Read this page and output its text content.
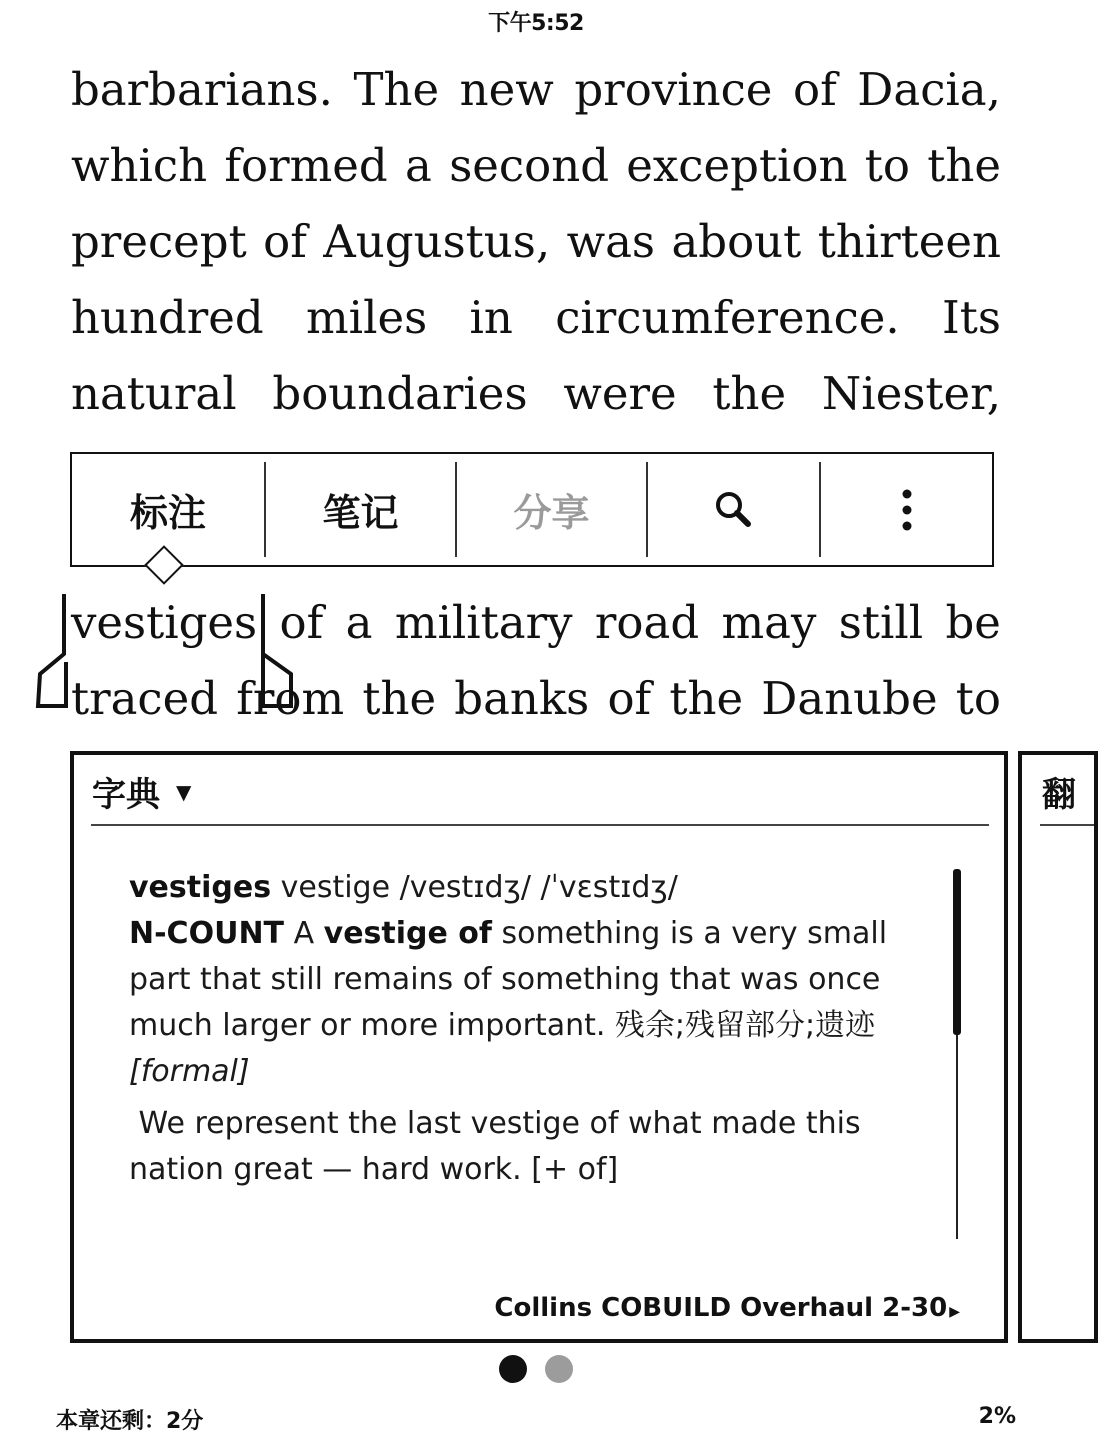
下午5:52
barbarians. The new province of Dacia,
which formed a second exception to the
precept of Augustus, was about thirteen
hundred miles in circumference. Its
natural boundaries were the Niester,
标注	笔记	分享
vestiges of a military road may still be
traced from the banks of the Danube to
字典 ▼
vestiges vestige /vestɪdʒ/ /ˈvɛstɪdʒ/
N-COUNT A vestige of something is a very small part that still remains of something that was once much larger or more important. 残余;残留部分;遗迹 [formal]
We represent the last vestige of what made this nation great — hard work. [+ of]
Collins COBUILD Overhaul 2-30 ▶
翻
本章还剩：2分	2%
